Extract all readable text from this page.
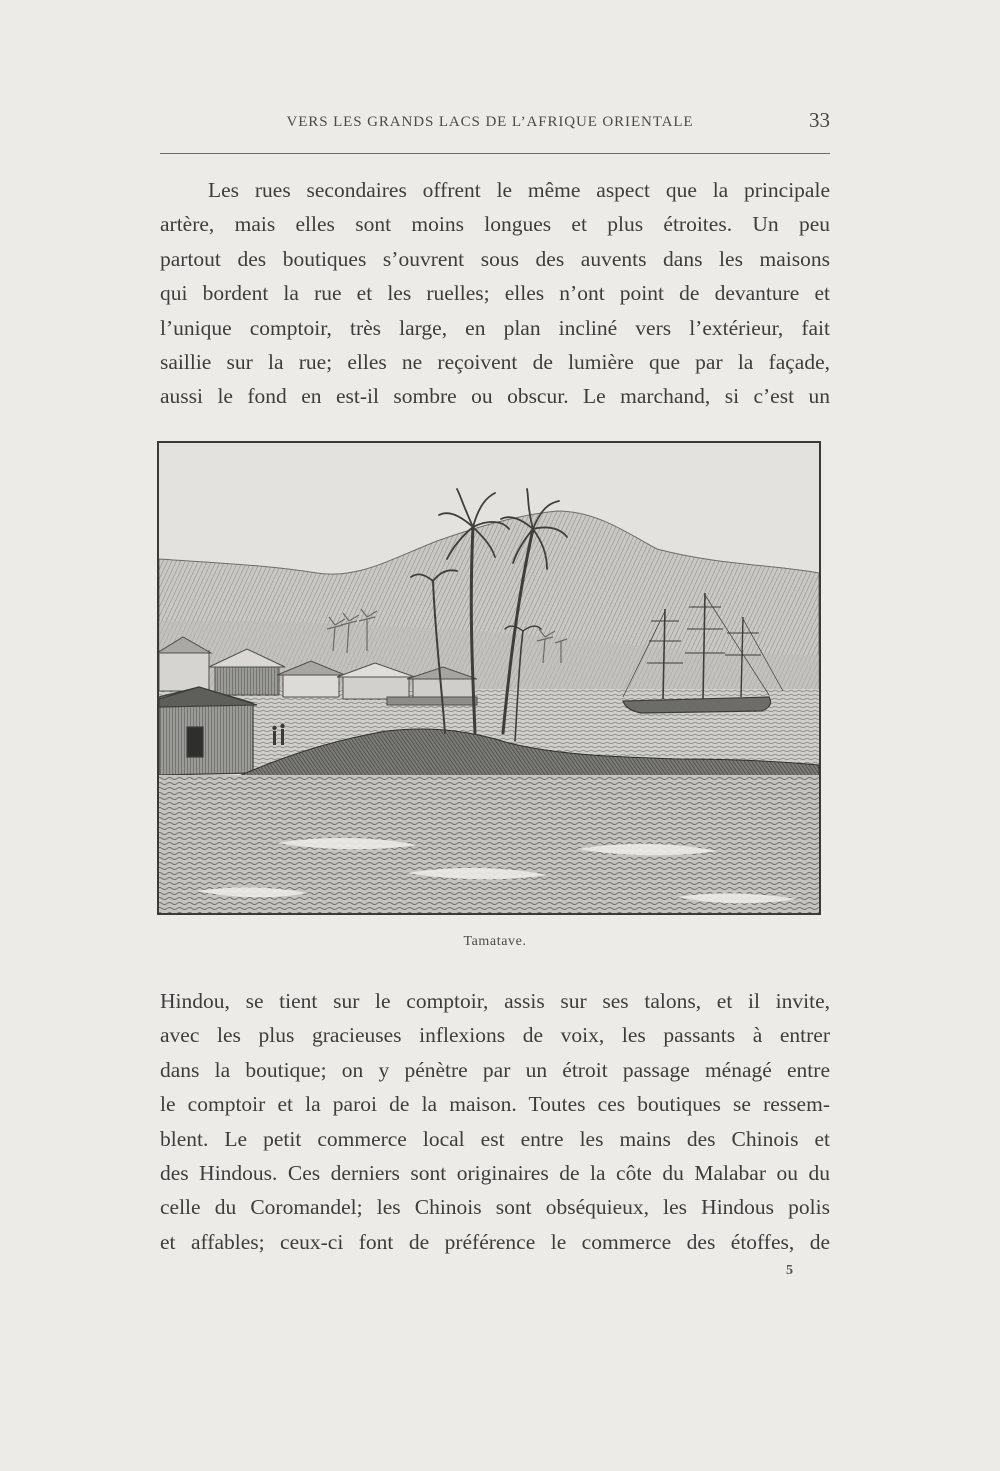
VERS LES GRANDS LACS DE L’AFRIQUE ORIENTALE	33

Les rues secondaires offrent le même aspect que la principale
artère, mais elles sont moins longues et plus étroites. Un peu
partout des boutiques s’ouvrent sous des auvents dans les maisons
qui bordent la rue et les ruelles; elles n’ont point de devanture et
l’unique comptoir, très large, en plan incliné vers l’extérieur, fait
saillie sur la rue; elles ne reçoivent de lumière que par la façade,
aussi le fond en est-il sombre ou obscur. Le marchand, si c’est un

Tamatave.

Hindou, se tient sur le comptoir, assis sur ses talons, et il invite,
avec les plus gracieuses inflexions de voix, les passants à entrer
dans la boutique; on y pénètre par un étroit passage ménagé entre
le comptoir et la paroi de la maison. Toutes ces boutiques se ressem-
blent. Le petit commerce local est entre les mains des Chinois et
des Hindous. Ces derniers sont originaires de la côte du Malabar ou du
celle du Coromandel; les Chinois sont obséquieux, les Hindous polis
et affables; ceux-ci font de préférence le commerce des étoffes, de

5
